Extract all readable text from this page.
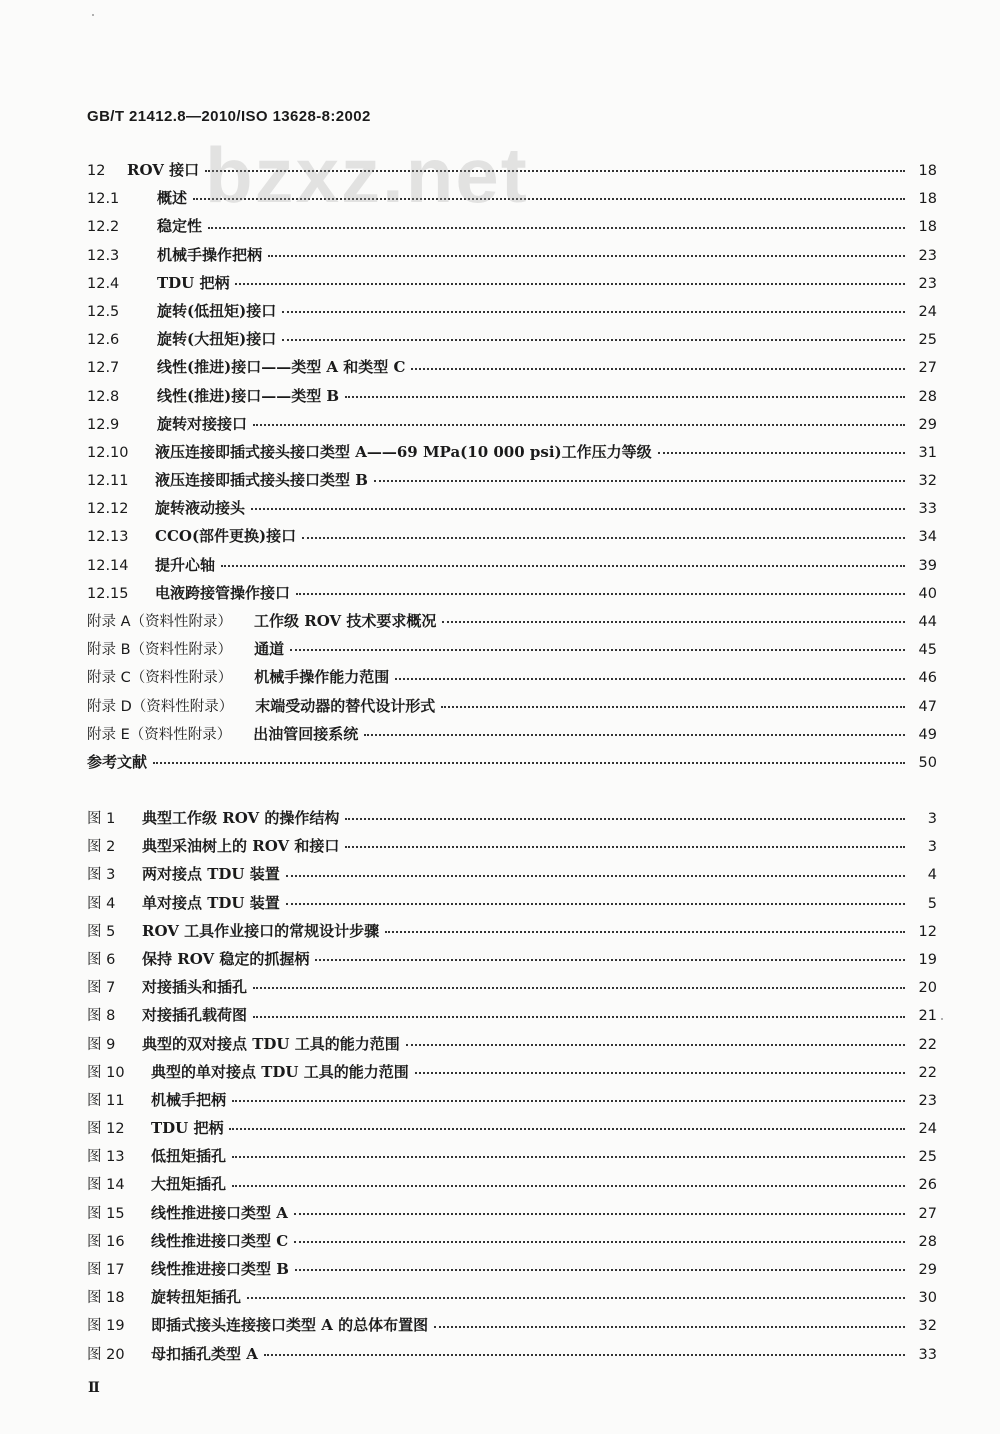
GB/T 21412.8—2010/ISO 13628-8:2002
bzxz.net
12	ROV 接口	18
12.1	概述	18
12.2	稳定性	18
12.3	机械手操作把柄	23
12.4	TDU 把柄	23
12.5	旋转(低扭矩)接口	24
12.6	旋转(大扭矩)接口	25
12.7	线性(推进)接口——类型 A 和类型 C	27
12.8	线性(推进)接口——类型 B	28
12.9	旋转对接接口	29
12.10	液压连接即插式接头接口类型 A——69 MPa(10 000 psi)工作压力等级	31
12.11	液压连接即插式接头接口类型 B	32
12.12	旋转液动接头	33
12.13	CCO(部件更换)接口	34
12.14	提升心轴	39
12.15	电液跨接管操作接口	40
附录 A（资料性附录） 工作级 ROV 技术要求概况	44
附录 B（资料性附录） 通道	45
附录 C（资料性附录） 机械手操作能力范围	46
附录 D（资料性附录） 末端受动器的替代设计形式	47
附录 E（资料性附录） 出油管回接系统	49
参考文献	50
图 1	典型工作级 ROV 的操作结构	3
图 2	典型采油树上的 ROV 和接口	3
图 3	两对接点 TDU 装置	4
图 4	单对接点 TDU 装置	5
图 5	ROV 工具作业接口的常规设计步骤	12
图 6	保持 ROV 稳定的抓握柄	19
图 7	对接插头和插孔	20
图 8	对接插孔载荷图	21
图 9	典型的双对接点 TDU 工具的能力范围	22
图 10	典型的单对接点 TDU 工具的能力范围	22
图 11	机械手把柄	23
图 12	TDU 把柄	24
图 13	低扭矩插孔	25
图 14	大扭矩插孔	26
图 15	线性推进接口类型 A	27
图 16	线性推进接口类型 C	28
图 17	线性推进接口类型 B	29
图 18	旋转扭矩插孔	30
图 19	即插式接头连接接口类型 A 的总体布置图	32
图 20	母扣插孔类型 A	33
Ⅱ
